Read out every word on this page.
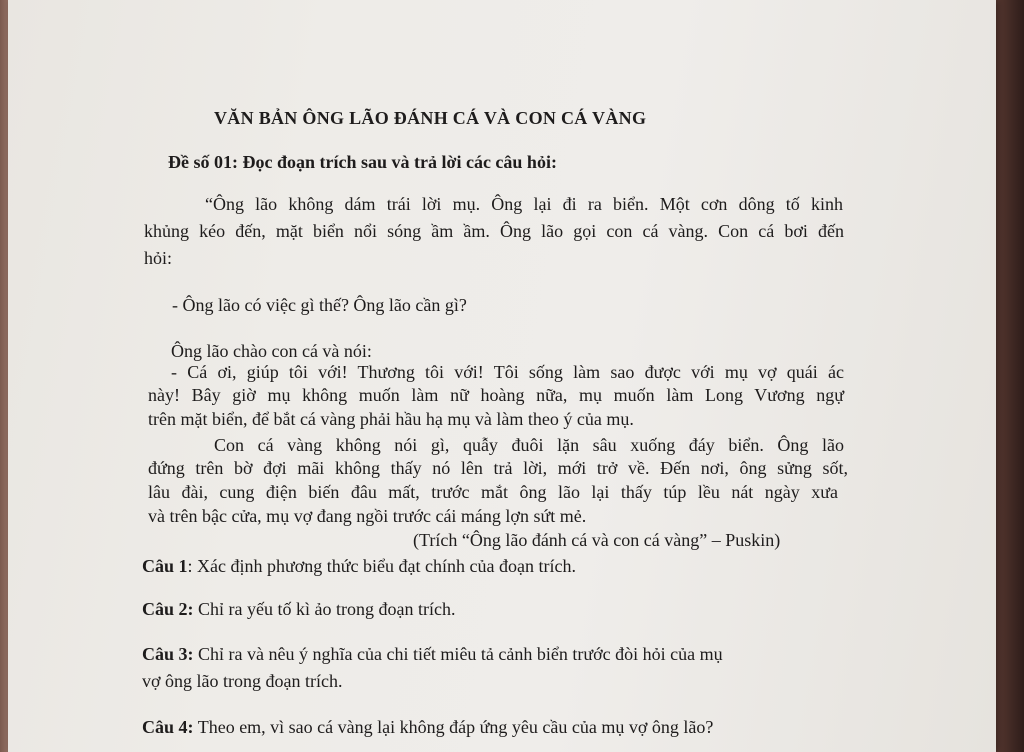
VĂN BẢN ÔNG LÃO ĐÁNH CÁ VÀ CON CÁ VÀNG
Đề số 01: Đọc đoạn trích sau và trả lời các câu hỏi:
“Ông lão không dám trái lời mụ. Ông lại đi ra biển. Một cơn dông tố kinh
khủng kéo đến, mặt biển nổi sóng ầm ầm. Ông lão gọi con cá vàng. Con cá bơi đến
hỏi:
- Ông lão có việc gì thế? Ông lão cần gì?
Ông lão chào con cá và nói:
- Cá ơi, giúp tôi với! Thương tôi với! Tôi sống làm sao được với mụ vợ quái ác
này! Bây giờ mụ không muốn làm nữ hoàng nữa, mụ muốn làm Long Vương ngự
trên mặt biển, để bắt cá vàng phải hầu hạ mụ và làm theo ý của mụ.
Con cá vàng không nói gì, quẫy đuôi lặn sâu xuống đáy biển. Ông lão
đứng trên bờ đợi mãi không thấy nó lên trả lời, mới trở về. Đến nơi, ông sửng sốt,
lâu đài, cung điện biến đâu mất, trước mắt ông lão lại thấy túp lều nát ngày xưa
và trên bậc cửa, mụ vợ đang ngồi trước cái máng lợn sứt mẻ.
(Trích “Ông lão đánh cá và con cá vàng” – Puskin)
Câu 1: Xác định phương thức biểu đạt chính của đoạn trích.
Câu 2: Chỉ ra yếu tố kì ảo trong đoạn trích.
Câu 3: Chỉ ra và nêu ý nghĩa của chi tiết miêu tả cảnh biển trước đòi hỏi của mụ
vợ ông lão trong đoạn trích.
Câu 4: Theo em, vì sao cá vàng lại không đáp ứng yêu cầu của mụ vợ ông lão?
